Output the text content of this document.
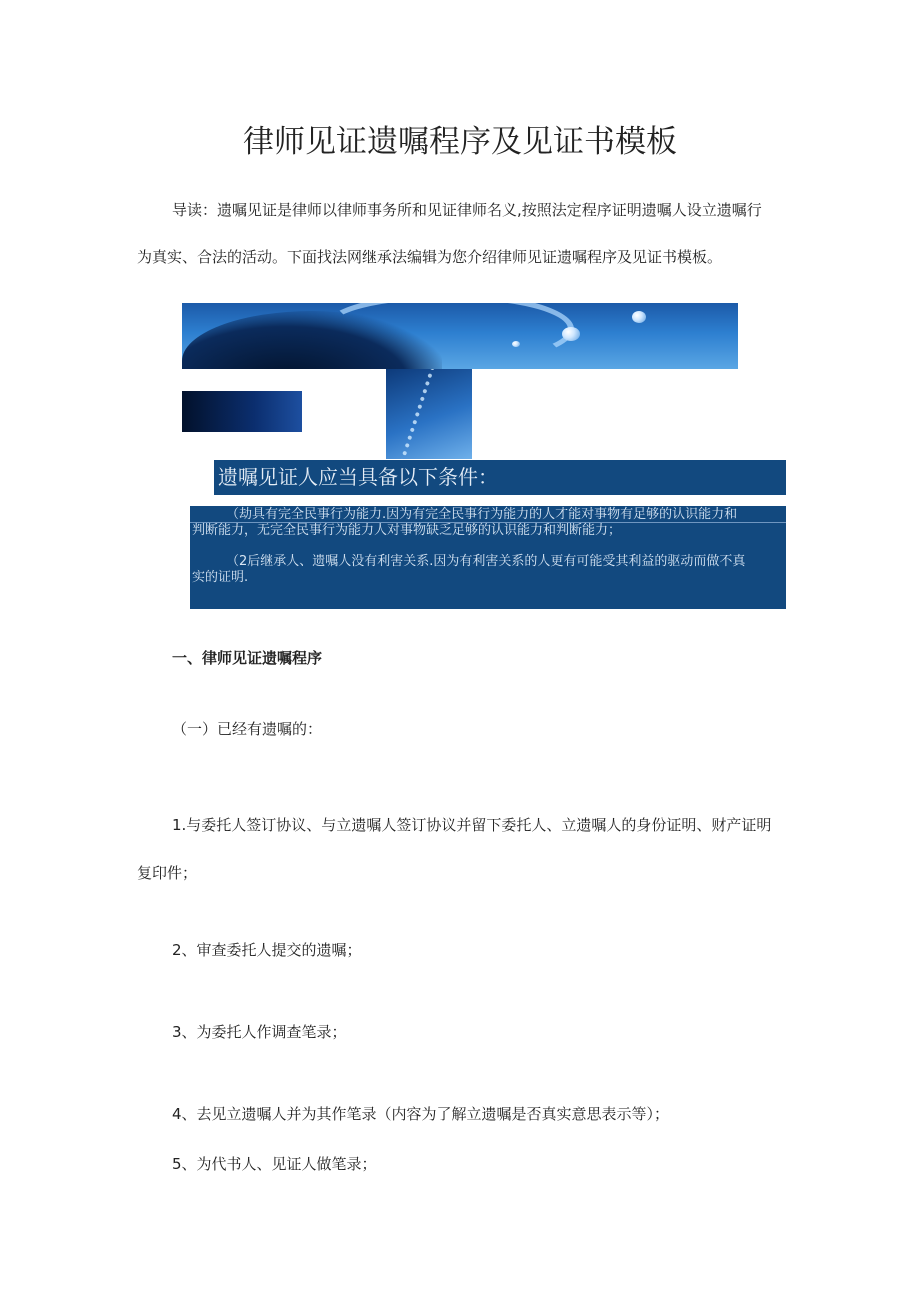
律师见证遗嘱程序及见证书模板
导读：遗嘱见证是律师以律师事务所和见证律师名义,按照法定程序证明遗嘱人设立遗嘱行
为真实、合法的活动。下面找法网继承法编辑为您介绍律师见证遗嘱程序及见证书模板。
遗嘱见证人应当具备以下条件：
（劫具有完全民事行为能力.因为有完全民事行为能力的人才能对事物有足够的认识能力和
判断能力，无完全民事行为能力人对事物缺乏足够的认识能力和判断能力；
（2后继承人、遗嘱人没有利害关系.因为有利害关系的人更有可能受其利益的驱动而做不真
实的证明.
一、律师见证遗嘱程序
（一）已经有遗嘱的：
1.与委托人签订协议、与立遗嘱人签订协议并留下委托人、立遗嘱人的身份证明、财产证明
复印件；
2、审查委托人提交的遗嘱；
3、为委托人作调查笔录；
4、去见立遗嘱人并为其作笔录（内容为了解立遗嘱是否真实意思表示等）；
5、为代书人、见证人做笔录；
